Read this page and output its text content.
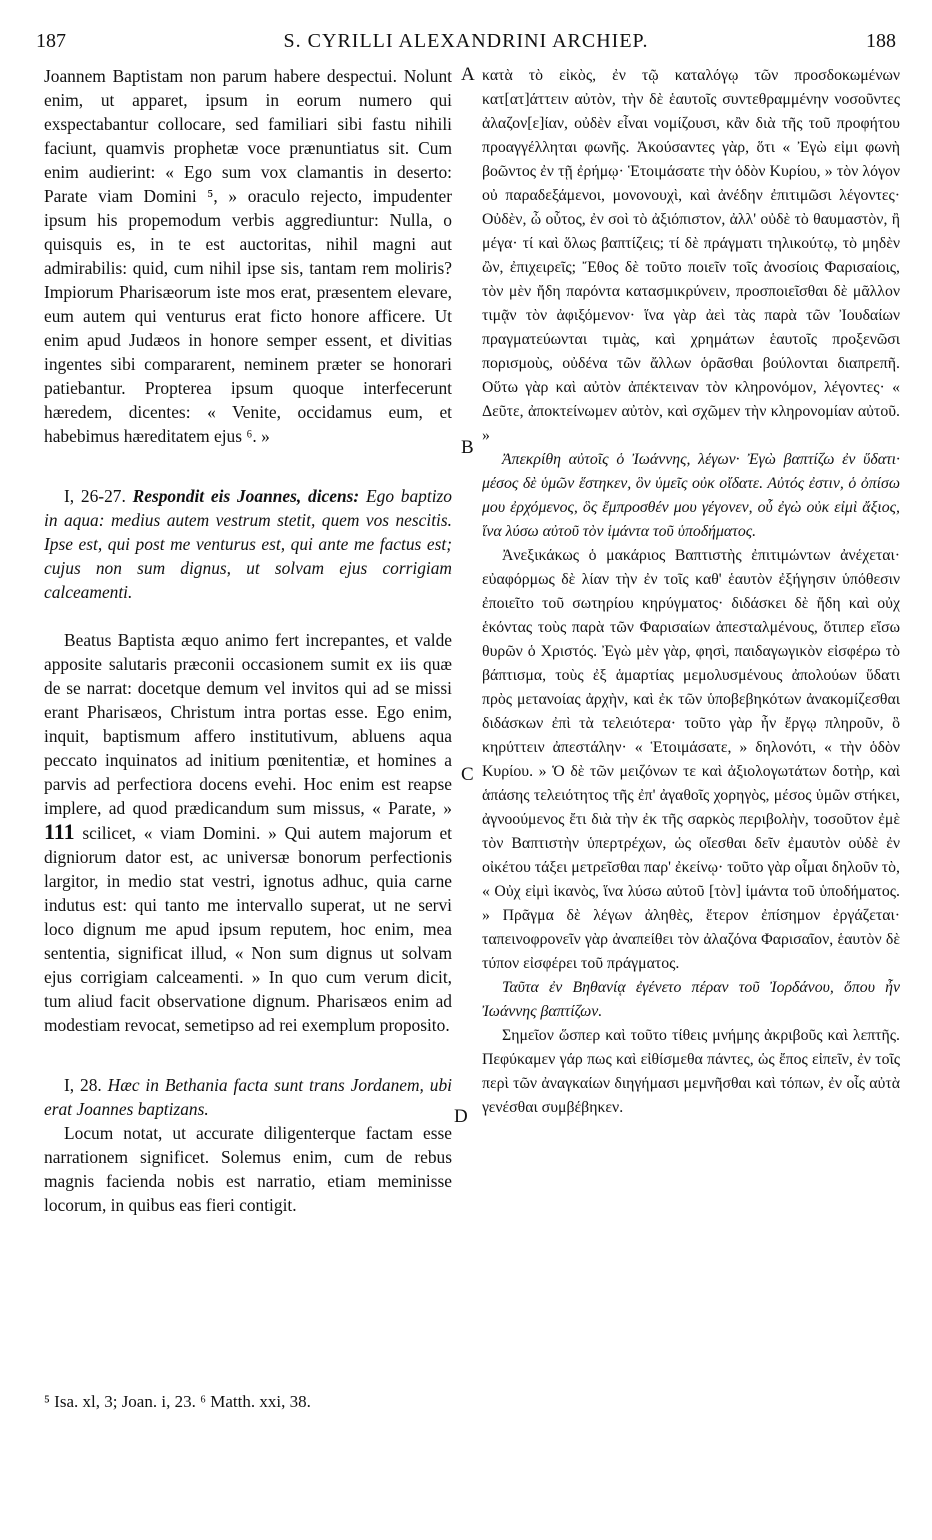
187	S. CYRILLI ALEXANDRINI ARCHIEP.	188

Joannem Baptistam non parum habere despectui. Nolunt enim, ut apparet, ipsum in eorum numero qui exspectabantur collocare, sed familiari sibi fastu nihili faciunt, quamvis prophetæ voce prænuntiatus sit. Cum enim audierint: « Ego sum vox clamantis in deserto: Parate viam Domini ⁵, » oraculo rejecto, impudenter ipsum his propemodum verbis aggrediuntur: Nulla, o quisquis es, in te est auctoritas, nihil magni aut admirabilis: quid, cum nihil ipse sis, tantam rem moliris? Impiorum Pharisæorum iste mos erat, præsentem elevare, eum autem qui venturus erat ficto honore afficere. Ut enim apud Judæos in honore semper essent, et divitias ingentes sibi compararent, neminem præter se honorari patiebantur. Propterea ipsum quoque interfecerunt hæredem, dicentes: « Venite, occidamus eum, et habebimus hæreditatem ejus ⁶. »

I, 26-27. Respondit eis Joannes, dicens: Ego baptizo in aqua: medius autem vestrum stetit, quem vos nescitis. Ipse est, qui post me venturus est, qui ante me factus est; cujus non sum dignus, ut solvam ejus corrigiam calceamenti.

Beatus Baptista æquo animo fert increpantes, et valde apposite salutaris præconii occasionem sumit ex iis quæ de se narrat: docetque demum vel invitos qui ad se missi erant Pharisæos, Christum intra portas esse. Ego enim, inquit, baptismum affero institutivum, abluens aqua peccato inquinatos ad initium pœnitentiæ, et homines a parvis ad perfectiora docens evehi. Hoc enim est reapse implere, ad quod prædicandum sum missus, « Parate, » 111 scilicet, « viam Domini. » Qui autem majorum et digniorum dator est, ac universæ bonorum perfectionis largitor, in medio stat vestri, ignotus adhuc, quia carne indutus est: qui tanto me intervallo superat, ut ne servi loco dignum me apud ipsum reputem, hoc enim, mea sententia, significat illud, « Non sum dignus ut solvam ejus corrigiam calceamenti. » In quo cum verum dicit, tum aliud facit observatione dignum. Pharisæos enim ad modestiam revocat, semetipso ad rei exemplum proposito.

I, 28. Hæc in Bethania facta sunt trans Jordanem, ubi erat Joannes baptizans.

Locum notat, ut accurate diligenterque factam esse narrationem significet. Solemus enim, cum de rebus magnis facienda nobis est narratio, etiam meminisse locorum, in quibus eas fieri contigit.

κατὰ τὸ εἰκὸς, ἐν τῷ καταλόγῳ τῶν προσδοκωμένων κατ[ατ]άττειν αὐτὸν, τὴν δὲ ἑαυτοῖς συντεθραμμένην νοσοῦντες ἀλαζον[ε]ίαν, οὐδὲν εἶναι νομίζουσι, κἂν διὰ τῆς τοῦ προφήτου προαγγέλληται φωνῆς. Ἀκούσαντες γὰρ, ὅτι « Ἐγὼ εἰμι φωνὴ βοῶντος ἐν τῇ ἐρήμῳ· Ἑτοιμάσατε τὴν ὁδὸν Κυρίου, » τὸν λόγον οὐ παραδεξάμενοι, μονονουχὶ, καὶ ἀνέδην ἐπιτιμῶσι λέγοντες· Οὐδὲν, ὦ οὗτος, ἐν σοὶ τὸ ἀξιόπιστον, ἀλλ' οὐδὲ τὸ θαυμαστὸν, ἢ μέγα· τί καὶ ὅλως βαπτίζεις; τί δὲ πράγματι τηλικούτῳ, τὸ μηδὲν ὢν, ἐπιχειρεῖς; Ἔθος δὲ τοῦτο ποιεῖν τοῖς ἀνοσίοις Φαρισαίοις, τὸν μὲν ἤδη παρόντα κατασμικρύνειν, προσποιεῖσθαι δὲ μᾶλλον τιμᾷν τὸν ἀφιξόμενον· ἵνα γὰρ ἀεὶ τὰς παρὰ τῶν Ἰουδαίων πραγματεύωνται τιμὰς, καὶ χρημάτων ἑαυτοῖς προξενῶσι πορισμοὺς, οὐδένα τῶν ἄλλων ὁρᾶσθαι βούλονται διαπρεπῆ. Οὕτω γὰρ καὶ αὐτὸν ἀπέκτειναν τὸν κληρονόμον, λέγοντες· « Δεῦτε, ἀποκτείνωμεν αὐτὸν, καὶ σχῶμεν τὴν κληρονομίαν αὐτοῦ. »

Ἀπεκρίθη αὐτοῖς ὁ Ἰωάννης, λέγων· Ἐγὼ βαπτίζω ἐν ὕδατι· μέσος δὲ ὑμῶν ἕστηκεν, ὃν ὑμεῖς οὐκ οἴδατε. Αὐτός ἐστιν, ὁ ὀπίσω μου ἐρχόμενος, ὃς ἔμπροσθέν μου γέγονεν, οὗ ἐγὼ οὐκ εἰμὶ ἄξιος, ἵνα λύσω αὐτοῦ τὸν ἱμάντα τοῦ ὑποδήματος.

Ἀνεξικάκως ὁ μακάριος Βαπτιστὴς ἐπιτιμώντων ἀνέχεται· εὐαφόρμως δὲ λίαν τὴν ἐν τοῖς καθ' ἑαυτὸν ἐξήγησιν ὑπόθεσιν ἐποιεῖτο τοῦ σωτηρίου κηρύγματος· διδάσκει δὲ ἤδη καὶ οὐχ ἑκόντας τοὺς παρὰ τῶν Φαρισαίων ἀπεσταλμένους, ὅτιπερ εἴσω θυρῶν ὁ Χριστός. Ἐγὼ μὲν γὰρ, φησὶ, παιδαγωγικὸν εἰσφέρω τὸ βάπτισμα, τοὺς ἐξ ἁμαρτίας μεμολυσμένους ἀπολούων ὕδατι πρὸς μετανοίας ἀρχὴν, καὶ ἐκ τῶν ὑποβεβηκότων ἀνακομίζεσθαι διδάσκων ἐπὶ τὰ τελειότερα· τοῦτο γὰρ ἦν ἔργῳ πληροῦν, ὃ κηρύττειν ἀπεστάλην· « Ἑτοιμάσατε, » δηλονότι, « τὴν ὁδὸν Κυρίου. » Ὁ δὲ τῶν μειζόνων τε καὶ ἀξιολογωτάτων δοτὴρ, καὶ ἁπάσης τελειότητος τῆς ἐπ' ἀγαθοῖς χορηγὸς, μέσος ὑμῶν στήκει, ἀγνοούμενος ἔτι διὰ τὴν ἐκ τῆς σαρκὸς περιβολὴν, τοσοῦτον ἐμὲ τὸν Βαπτιστὴν ὑπερτρέχων, ὡς οἴεσθαι δεῖν ἐμαυτὸν οὐδὲ ἐν οἰκέτου τάξει μετρεῖσθαι παρ' ἐκείνῳ· τοῦτο γὰρ οἶμαι δηλοῦν τὸ, « Οὐχ εἰμὶ ἱκανὸς, ἵνα λύσω αὐτοῦ [τὸν] ἱμάντα τοῦ ὑποδήματος. » Πρᾶγμα δὲ λέγων ἀληθὲς, ἕτερον ἐπίσημον ἐργάζεται· ταπεινοφρονεῖν γὰρ ἀναπείθει τὸν ἀλαζόνα Φαρισαῖον, ἑαυτὸν δὲ τύπον εἰσφέρει τοῦ πράγματος.

Ταῦτα ἐν Βηθανίᾳ ἐγένετο πέραν τοῦ Ἰορδάνου, ὅπου ἦν Ἰωάννης βαπτίζων.

Σημεῖον ὥσπερ καὶ τοῦτο τίθεις μνήμης ἀκριβοῦς καὶ λεπτῆς. Πεφύκαμεν γάρ πως καὶ εἰθίσμεθα πάντες, ὡς ἔπος εἰπεῖν, ἐν τοῖς περὶ τῶν ἀναγκαίων διηγήμασι μεμνῆσθαι καὶ τόπων, ἐν οἷς αὐτὰ γενέσθαι συμβέβηκεν.

A
B
C
D
⁵ Isa. xl, 3; Joan. i, 23. ⁶ Matth. xxi, 38.
